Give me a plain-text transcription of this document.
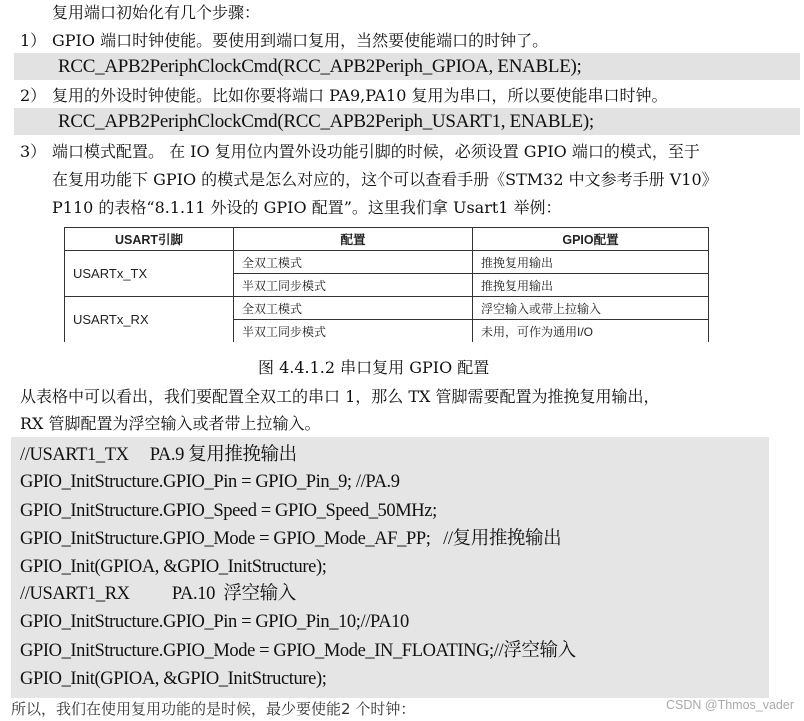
复用端口初始化有几个步骤：
1） GPIO 端口时钟使能。要使用到端口复用，当然要使能端口的时钟了。
RCC_APB2PeriphClockCmd(RCC_APB2Periph_GPIOA, ENABLE);
2） 复用的外设时钟使能。比如你要将端口 PA9,PA10 复用为串口，所以要使能串口时钟。
RCC_APB2PeriphClockCmd(RCC_APB2Periph_USART1, ENABLE);
3） 端口模式配置。 在 IO 复用位内置外设功能引脚的时候，必须设置 GPIO 端口的模式，至于
在复用功能下 GPIO 的模式是怎么对应的，这个可以查看手册《STM32 中文参考手册 V10》
P110 的表格“8.1.11 外设的 GPIO 配置”。这里我们拿 Usart1 举例：
USART引脚	配置	GPIO配置
USARTx_TX	全双工模式	推挽复用输出
	半双工同步模式	推挽复用输出
USARTx_RX	全双工模式	浮空输入或带上拉输入
	半双工同步模式	未用，可作为通用I/O
图 4.4.1.2 串口复用 GPIO 配置
从表格中可以看出，我们要配置全双工的串口 1，那么 TX 管脚需要配置为推挽复用输出，
RX 管脚配置为浮空输入或者带上拉输入。
//USART1_TX     PA.9 复用推挽输出
GPIO_InitStructure.GPIO_Pin = GPIO_Pin_9; //PA.9
GPIO_InitStructure.GPIO_Speed = GPIO_Speed_50MHz;
GPIO_InitStructure.GPIO_Mode = GPIO_Mode_AF_PP;   //复用推挽输出
GPIO_Init(GPIOA, &GPIO_InitStructure);
//USART1_RX          PA.10  浮空输入
GPIO_InitStructure.GPIO_Pin = GPIO_Pin_10;//PA10
GPIO_InitStructure.GPIO_Mode = GPIO_Mode_IN_FLOATING;//浮空输入
GPIO_Init(GPIOA, &GPIO_InitStructure);
所以，我们在使用复用功能的是时候，最少要使能2 个时钟：	CSDN @Thmos_vader
